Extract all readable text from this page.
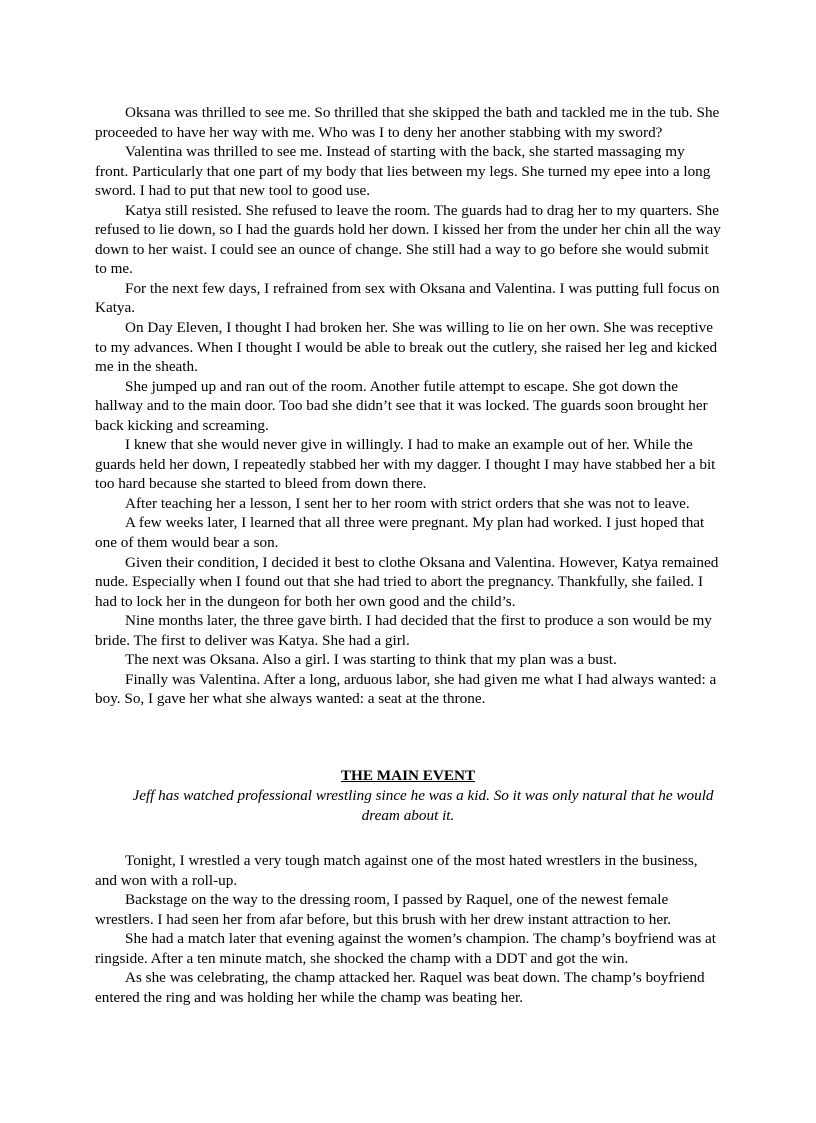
Oksana was thrilled to see me. So thrilled that she skipped the bath and tackled me in the tub. She proceeded to have her way with me. Who was I to deny her another stabbing with my sword?

Valentina was thrilled to see me. Instead of starting with the back, she started massaging my front. Particularly that one part of my body that lies between my legs. She turned my epee into a long sword. I had to put that new tool to good use.

Katya still resisted. She refused to leave the room. The guards had to drag her to my quarters. She refused to lie down, so I had the guards hold her down. I kissed her from the under her chin all the way down to her waist. I could see an ounce of change. She still had a way to go before she would submit to me.

For the next few days, I refrained from sex with Oksana and Valentina. I was putting full focus on Katya.

On Day Eleven, I thought I had broken her. She was willing to lie on her own. She was receptive to my advances. When I thought I would be able to break out the cutlery, she raised her leg and kicked me in the sheath.

She jumped up and ran out of the room. Another futile attempt to escape. She got down the hallway and to the main door. Too bad she didn’t see that it was locked. The guards soon brought her back kicking and screaming.

I knew that she would never give in willingly. I had to make an example out of her. While the guards held her down, I repeatedly stabbed her with my dagger. I thought I may have stabbed her a bit too hard because she started to bleed from down there.

After teaching her a lesson, I sent her to her room with strict orders that she was not to leave.

A few weeks later, I learned that all three were pregnant. My plan had worked. I just hoped that one of them would bear a son.

Given their condition, I decided it best to clothe Oksana and Valentina. However, Katya remained nude. Especially when I found out that she had tried to abort the pregnancy. Thankfully, she failed. I had to lock her in the dungeon for both her own good and the child’s.

Nine months later, the three gave birth. I had decided that the first to produce a son would be my bride. The first to deliver was Katya. She had a girl.

The next was Oksana. Also a girl. I was starting to think that my plan was a bust.

Finally was Valentina. After a long, arduous labor, she had given me what I had always wanted: a boy. So, I gave her what she always wanted: a seat at the throne.

THE MAIN EVENT

Jeff has watched professional wrestling since he was a kid. So it was only natural that he would dream about it.

Tonight, I wrestled a very tough match against one of the most hated wrestlers in the business, and won with a roll-up.

Backstage on the way to the dressing room, I passed by Raquel, one of the newest female wrestlers. I had seen her from afar before, but this brush with her drew instant attraction to her.

She had a match later that evening against the women’s champion. The champ’s boyfriend was at ringside. After a ten minute match, she shocked the champ with a DDT and got the win.

As she was celebrating, the champ attacked her. Raquel was beat down. The champ’s boyfriend entered the ring and was holding her while the champ was beating her.
